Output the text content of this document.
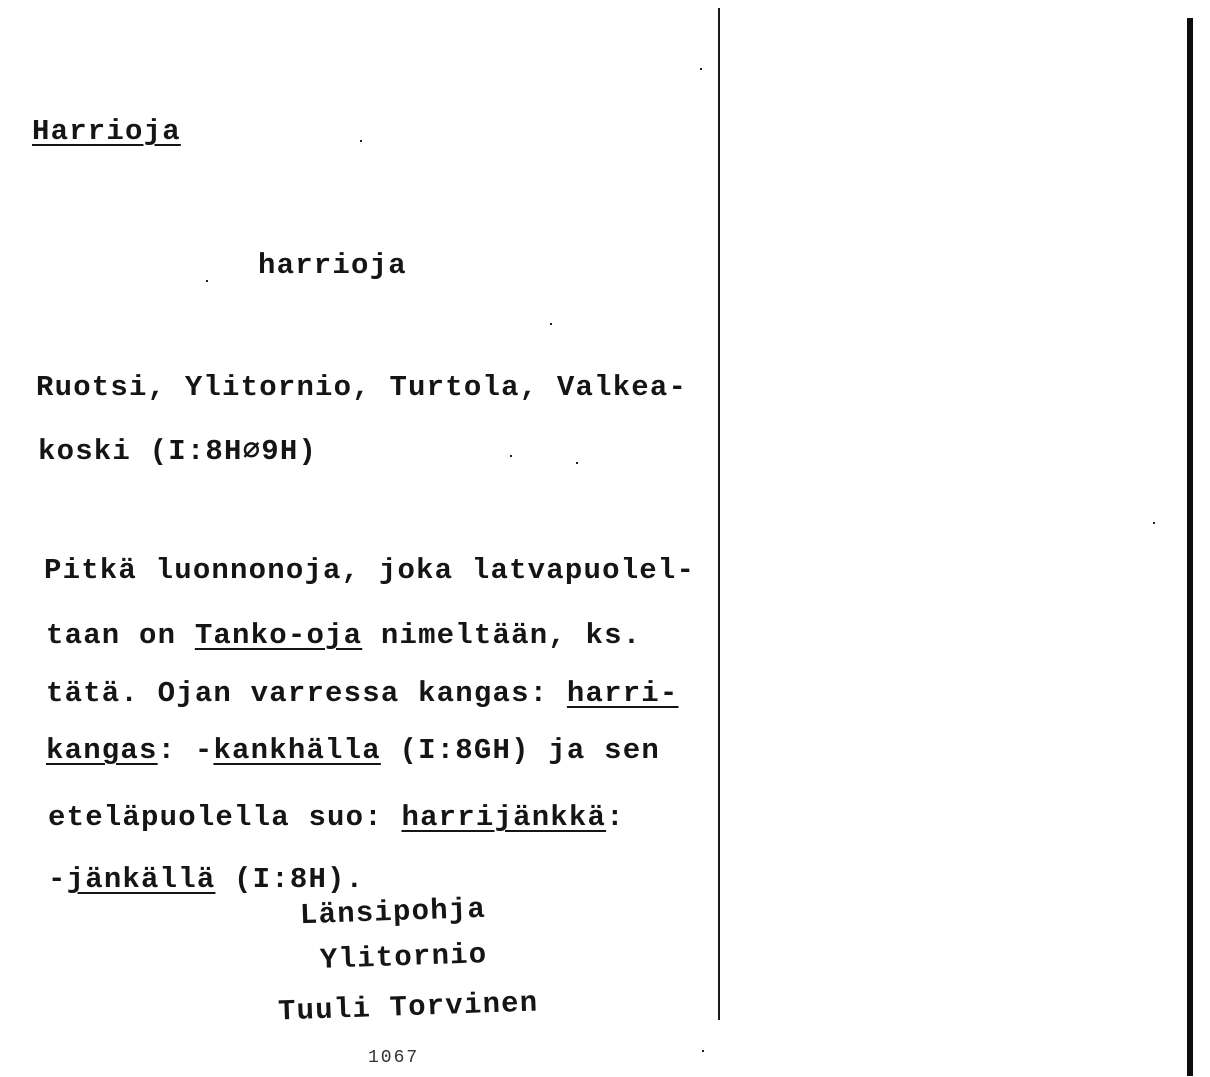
Harrioja
harrioja
Ruotsi, Ylitornio, Turtola, Valkea-
koski (I:8H∅9H)
Pitkä luonnonoja, joka latvapuolel-
taan on Tanko-oja nimeltään, ks.
tätä. Ojan varressa kangas: harri-
kangas: -kankhälla (I:8GH) ja sen
eteläpuolella suo: harrijänkkä:
-jänkällä (I:8H).
Länsipohja
Ylitornio
Tuuli Torvinen
1067
